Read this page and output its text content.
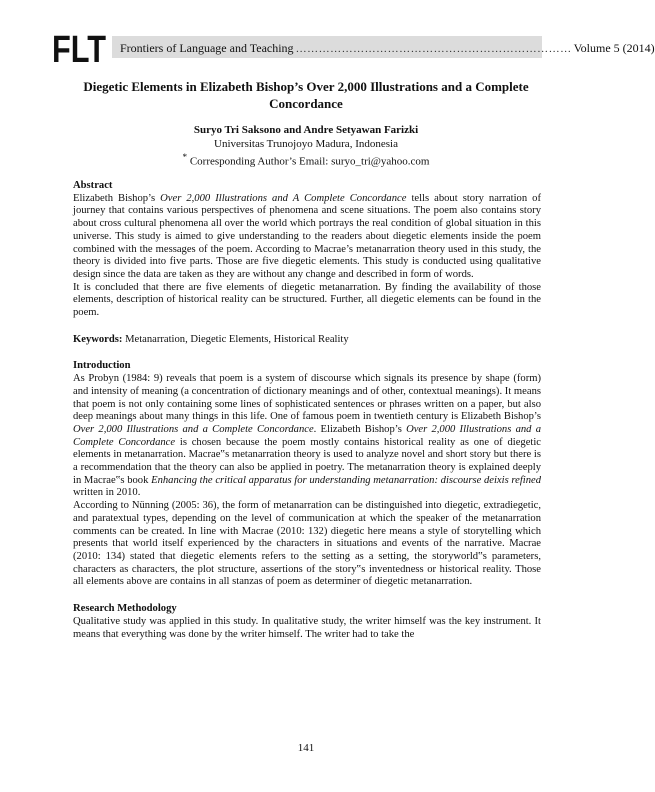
FLT Frontiers of Language and Teaching ……………………………………………………………… Volume 5 (2014)
Diegetic Elements in Elizabeth Bishop’s Over 2,000 Illustrations and a Complete Concordance
Suryo Tri Saksono and Andre Setyawan Farizki
Universitas Trunojoyo Madura, Indonesia
* Corresponding Author’s Email: suryo_tri@yahoo.com
Abstract

Elizabeth Bishop’s Over 2,000 Illustrations and A Complete Concordance tells about story narration of journey that contains various perspectives of phenomena and scene situations. The poem also contains story about cross cultural phenomena all over the world which portrays the real condition of global situation in this universe. This study is aimed to give understanding to the readers about diegetic elements inside the poem combined with the messages of the poem. According to Macrae’s metanarration theory used in this study, the theory is divided into five parts. Those are five diegetic elements. This study is conducted using qualitative design since the data are taken as they are without any change and described in form of words.

It is concluded that there are five elements of diegetic metanarration. By finding the availability of those elements, description of historical reality can be structured. Further, all diegetic elements can be found in the poem.

Keywords: Metanarration, Diegetic Elements, Historical Reality

Introduction

As Probyn (1984: 9) reveals that poem is a system of discourse which signals its presence by shape (form) and intensity of meaning (a concentration of dictionary meanings and of other, contextual meanings). It means that poem is not only containing some lines of sophisticated sentences or phrases written on a paper, but also deep meanings about many things in this life. One of famous poem in twentieth century is Elizabeth Bishop’s Over 2,000 Illustrations and a Complete Concordance. Elizabeth Bishop’s Over 2,000 Illustrations and a Complete Concordance is chosen because the poem mostly contains historical reality as one of diegetic elements in metanarration. Macrae‟s metanarration theory is used to analyze novel and short story but there is a recommendation that the theory can also be applied in poetry. The metanarration theory is explained deeply in Macrae‟s book Enhancing the critical apparatus for understanding metanarration: discourse deixis refined written in 2010.

According to Nünning (2005: 36), the form of metanarration can be distinguished into diegetic, extradiegetic, and paratextual types, depending on the level of communication at which the speaker of the metanarration comments can be created. In line with Macrae (2010: 132) diegetic here means a style of storytelling which presents that world itself experienced by the characters in situations and events of the narrative. Macrae (2010: 134) stated that diegetic elements refers to the setting as a setting, the storyworld‟s parameters, characters as characters, the plot structure, assertions of the story‟s inventedness or historical reality. Those all elements above are contains in all stanzas of poem as determiner of diegetic metanarration.

Research Methodology

Qualitative study was applied in this study. In qualitative study, the writer himself was the key instrument. It means that everything was done by the writer himself. The writer had to take the

141
